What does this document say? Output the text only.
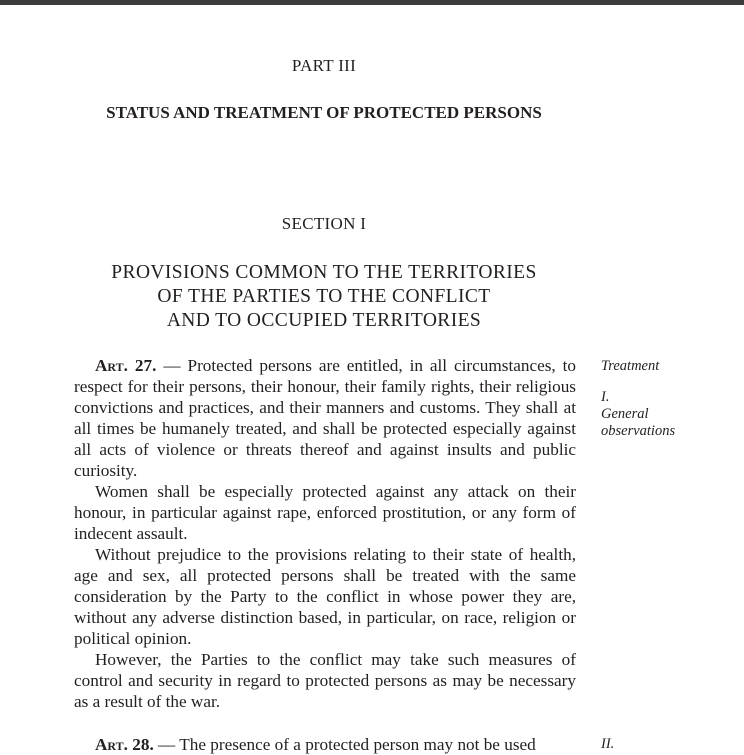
PART III
STATUS AND TREATMENT OF PROTECTED PERSONS
SECTION I
PROVISIONS COMMON TO THE TERRITORIES
OF THE PARTIES TO THE CONFLICT
AND TO OCCUPIED TERRITORIES

Art. 27. — Protected persons are entitled, in all circumstances, to respect for their persons, their honour, their family rights, their religious convictions and practices, and their manners and customs. They shall at all times be humanely treated, and shall be protected especially against all acts of violence or threats thereof and against insults and public curiosity.

Women shall be especially protected against any attack on their honour, in particular against rape, enforced prostitution, or any form of indecent assault.

Without prejudice to the provisions relating to their state of health, age and sex, all protected persons shall be treated with the same consideration by the Party to the conflict in whose power they are, without any adverse distinction based, in particular, on race, religion or political opinion.

However, the Parties to the conflict may take such measures of control and security in regard to protected persons as may be necessary as a result of the war.

Treatment
I.
General
observations

Art. 28. — The presence of a protected person may not be used	II.
